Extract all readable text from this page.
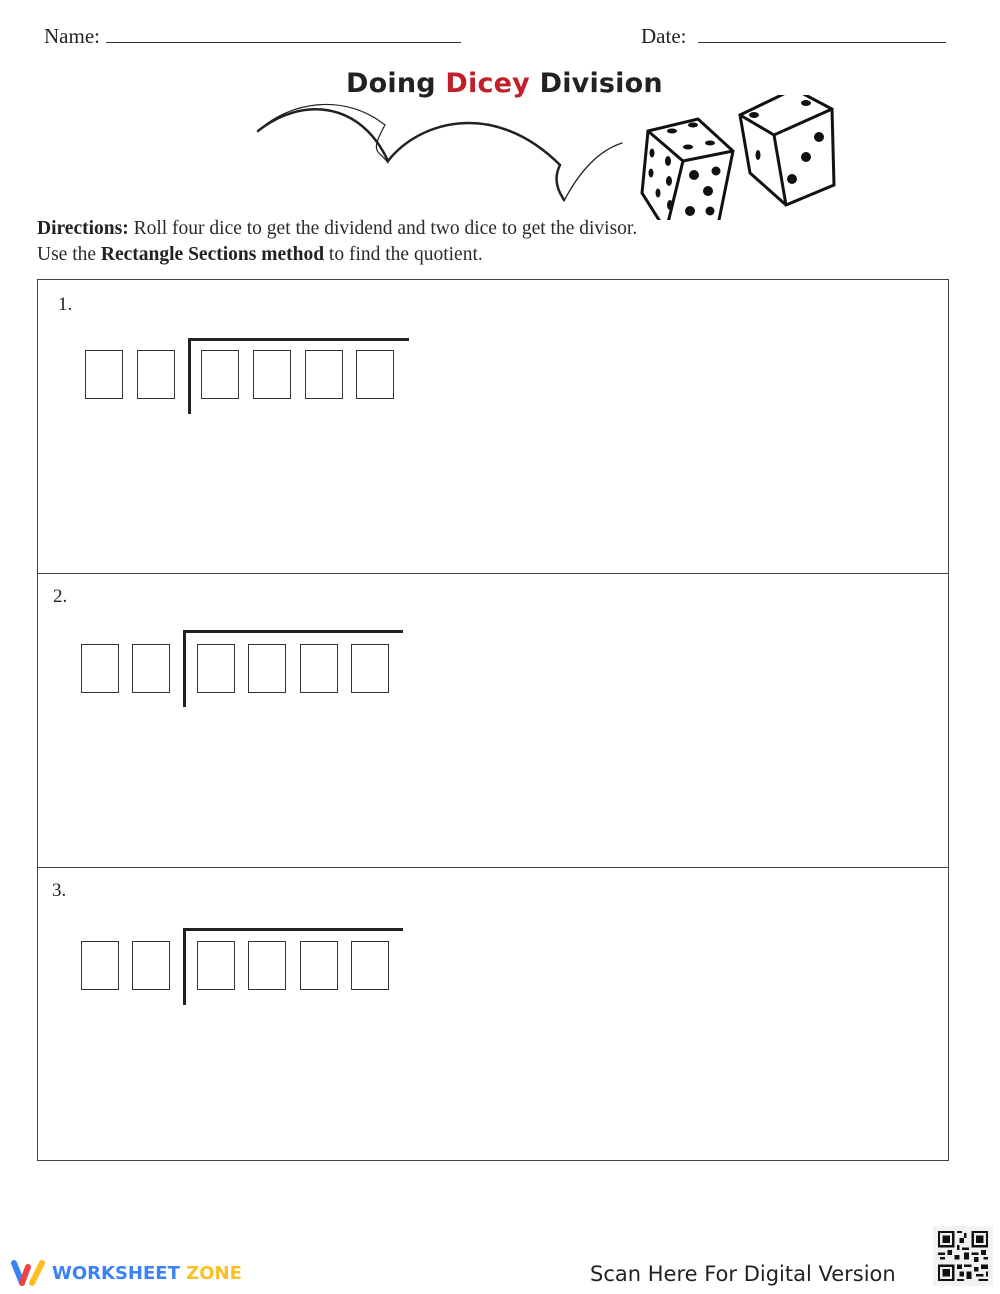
Name:	Date:
Doing Dicey Division
Directions: Roll four dice to get the dividend and two dice to get the divisor.
Use the Rectangle Sections method to find the quotient.
1.
2.
3.
WORKSHEET ZONE	Scan Here For Digital Version
